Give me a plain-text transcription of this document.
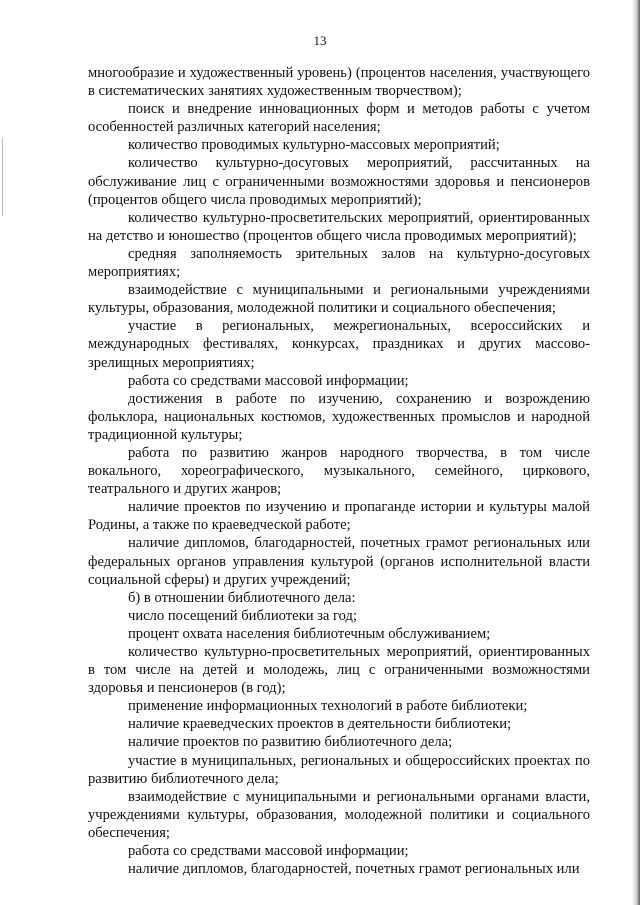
13

многообразие и художественный уровень) (процентов населения, участвующего в систематических занятиях художественным творчеством);

поиск и внедрение инновационных форм и методов работы с учетом особенностей различных категорий населения;

количество проводимых культурно-массовых мероприятий;

количество культурно-досуговых мероприятий, рассчитанных на обслуживание лиц с ограниченными возможностями здоровья и пенсионеров (процентов общего числа проводимых мероприятий);

количество культурно-просветительских мероприятий, ориентированных на детство и юношество (процентов общего числа проводимых мероприятий);

средняя заполняемость зрительных залов на культурно-досуговых мероприятиях;

взаимодействие с муниципальными и региональными учреждениями культуры, образования, молодежной политики и социального обеспечения;

участие в региональных, межрегиональных, всероссийских и международных фестивалях, конкурсах, праздниках и других массово-зрелищных мероприятиях;

работа со средствами массовой информации;

достижения в работе по изучению, сохранению и возрождению фольклора, национальных костюмов, художественных промыслов и народной традиционной культуры;

работа по развитию жанров народного творчества, в том числе вокального, хореографического, музыкального, семейного, циркового, театрального и других жанров;

наличие проектов по изучению и пропаганде истории и культуры малой Родины, а также по краеведческой работе;

наличие дипломов, благодарностей, почетных грамот региональных или федеральных органов управления культурой (органов исполнительной власти социальной сферы) и других учреждений;

б) в отношении библиотечного дела:

число посещений библиотеки за год;

процент охвата населения библиотечным обслуживанием;

количество культурно-просветительных мероприятий, ориентированных в том числе на детей и молодежь, лиц с ограниченными возможностями здоровья и пенсионеров (в год);

применение информационных технологий в работе библиотеки;

наличие краеведческих проектов в деятельности библиотеки;

наличие проектов по развитию библиотечного дела;

участие в муниципальных, региональных и общероссийских проектах по развитию библиотечного дела;

взаимодействие с муниципальными и региональными органами власти, учреждениями культуры, образования, молодежной политики и социального обеспечения;

работа со средствами массовой информации;

наличие дипломов, благодарностей, почетных грамот региональных или
